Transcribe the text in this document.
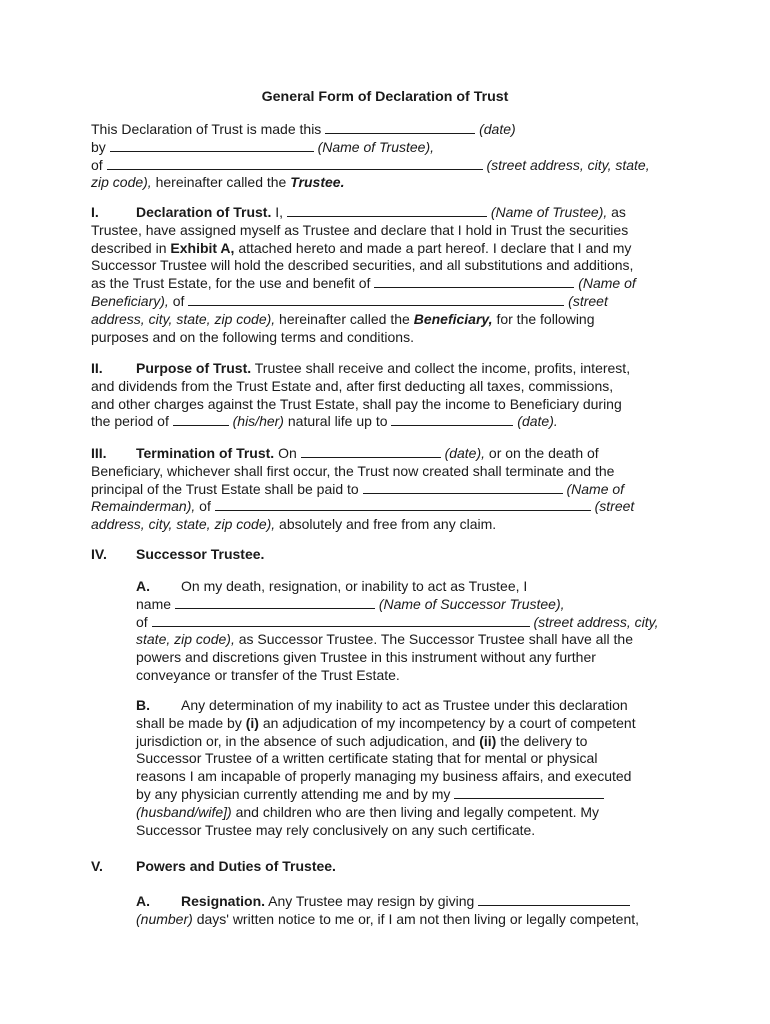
General Form of Declaration of Trust
This Declaration of Trust is made this	(date)
by	(Name of Trustee),
of	(street address, city, state,
zip code), hereinafter called the Trustee.
I.	Declaration of Trust. I,	(Name of Trustee), as
Trustee, have assigned myself as Trustee and declare that I hold in Trust the securities
described in Exhibit A, attached hereto and made a part hereof. I declare that I and my
Successor Trustee will hold the described securities, and all substitutions and additions,
as the Trust Estate, for the use and benefit of	(Name of
Beneficiary), of	(street
address, city, state, zip code), hereinafter called the Beneficiary, for the following
purposes and on the following terms and conditions.
II. Purpose of Trust. Trustee shall receive and collect the income, profits, interest,
and dividends from the Trust Estate and, after first deducting all taxes, commissions,
and other charges against the Trust Estate, shall pay the income to Beneficiary during
the period of	(his/her) natural life up to	(date).
III. Termination of Trust. On	(date), or on the death of
Beneficiary, whichever shall first occur, the Trust now created shall terminate and the
principal of the Trust Estate shall be paid to	(Name of
Remainderman), of	(street
address, city, state, zip code), absolutely and free from any claim.
IV. Successor Trustee.
A. On my death, resignation, or inability to act as Trustee, I
name	(Name of Successor Trustee),
of	(street address, city,
state, zip code), as Successor Trustee. The Successor Trustee shall have all the
powers and discretions given Trustee in this instrument without any further
conveyance or transfer of the Trust Estate.
B. Any determination of my inability to act as Trustee under this declaration
shall be made by (i) an adjudication of my incompetency by a court of competent
jurisdiction or, in the absence of such adjudication, and (ii) the delivery to
Successor Trustee of a written certificate stating that for mental or physical
reasons I am incapable of properly managing my business affairs, and executed
by any physician currently attending me and by my
(husband/wife]) and children who are then living and legally competent. My
Successor Trustee may rely conclusively on any such certificate.
V. Powers and Duties of Trustee.
A. Resignation. Any Trustee may resign by giving
(number) days' written notice to me or, if I am not then living or legally competent,
